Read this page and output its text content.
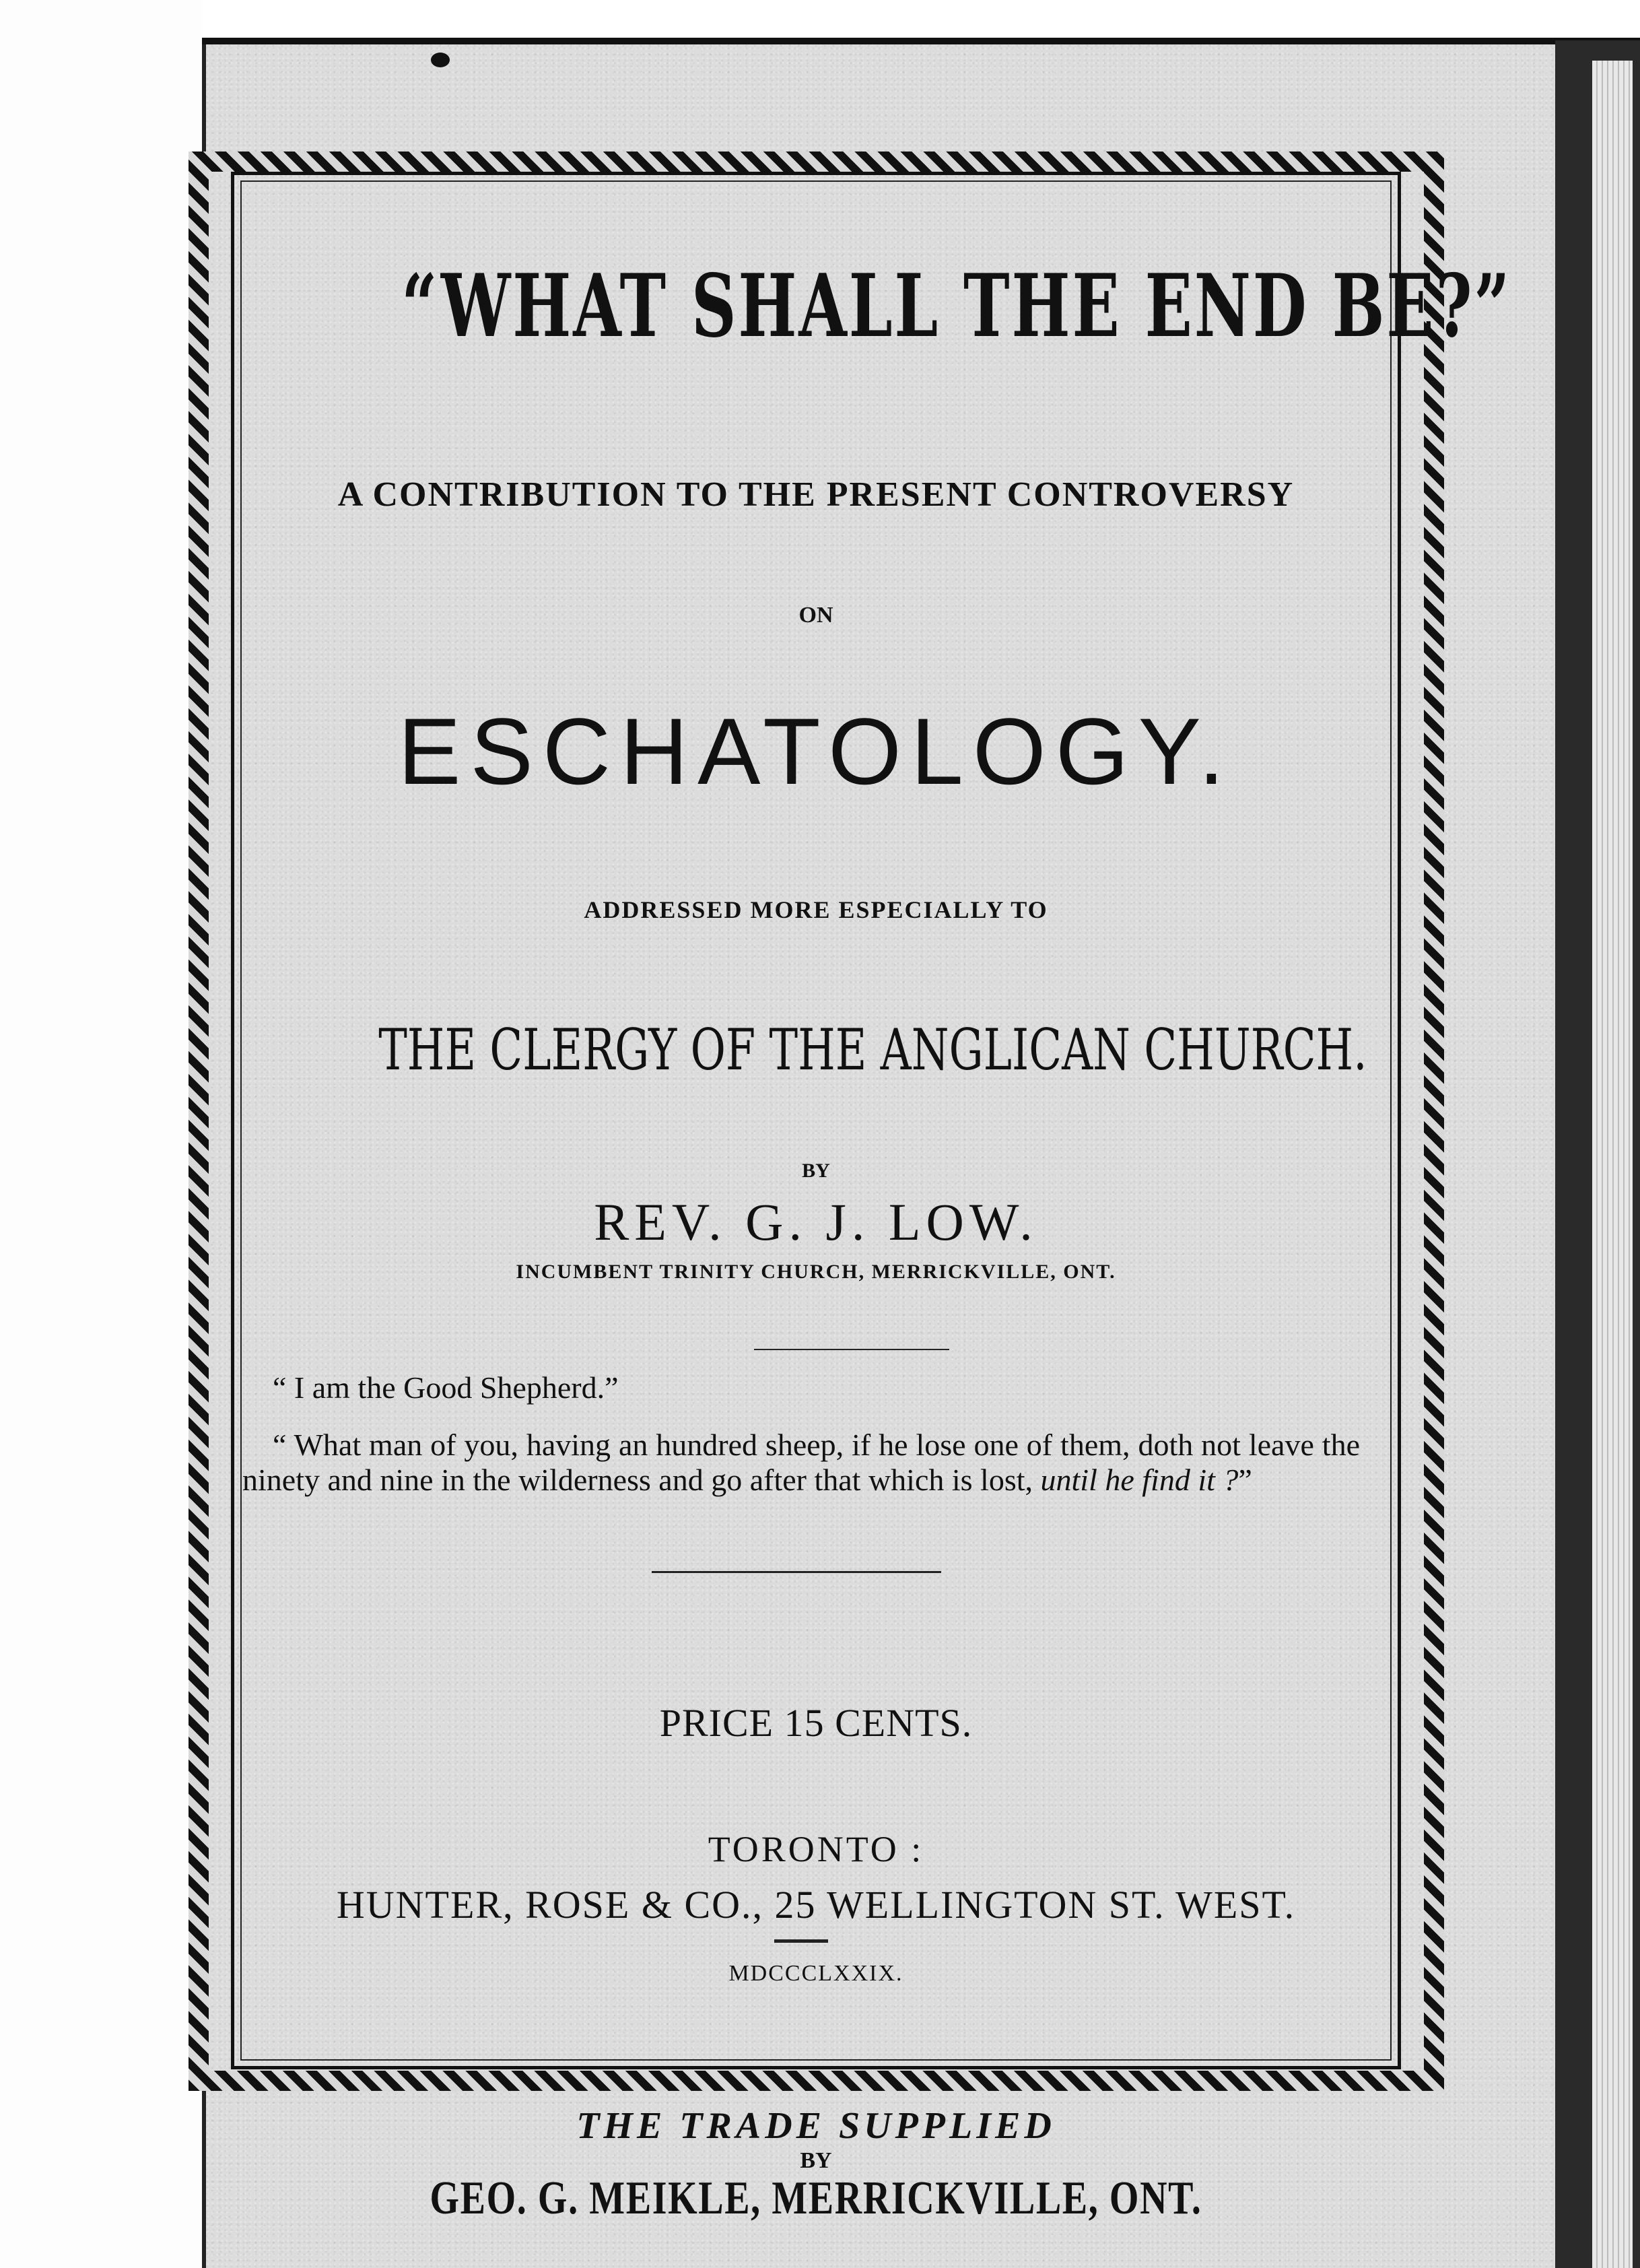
“WHAT SHALL THE END BE?”
A CONTRIBUTION TO THE PRESENT CONTROVERSY
ON
ESCHATOLOGY.
ADDRESSED MORE ESPECIALLY TO
THE CLERGY OF THE ANGLICAN CHURCH.
BY
REV. G. J. LOW.
INCUMBENT TRINITY CHURCH, MERRICKVILLE, ONT.
“ I am the Good Shepherd.”
“ What man of you, having an hundred sheep, if he lose one of them, doth not leave the ninety and nine in the wilderness and go after that which is lost, until he find it ?”
PRICE 15 CENTS.
TORONTO :
HUNTER, ROSE & CO., 25 WELLINGTON ST. WEST.
MDCCCLXXIX.
THE TRADE SUPPLIED
BY
GEO. G. MEIKLE, MERRICKVILLE, ONT.
